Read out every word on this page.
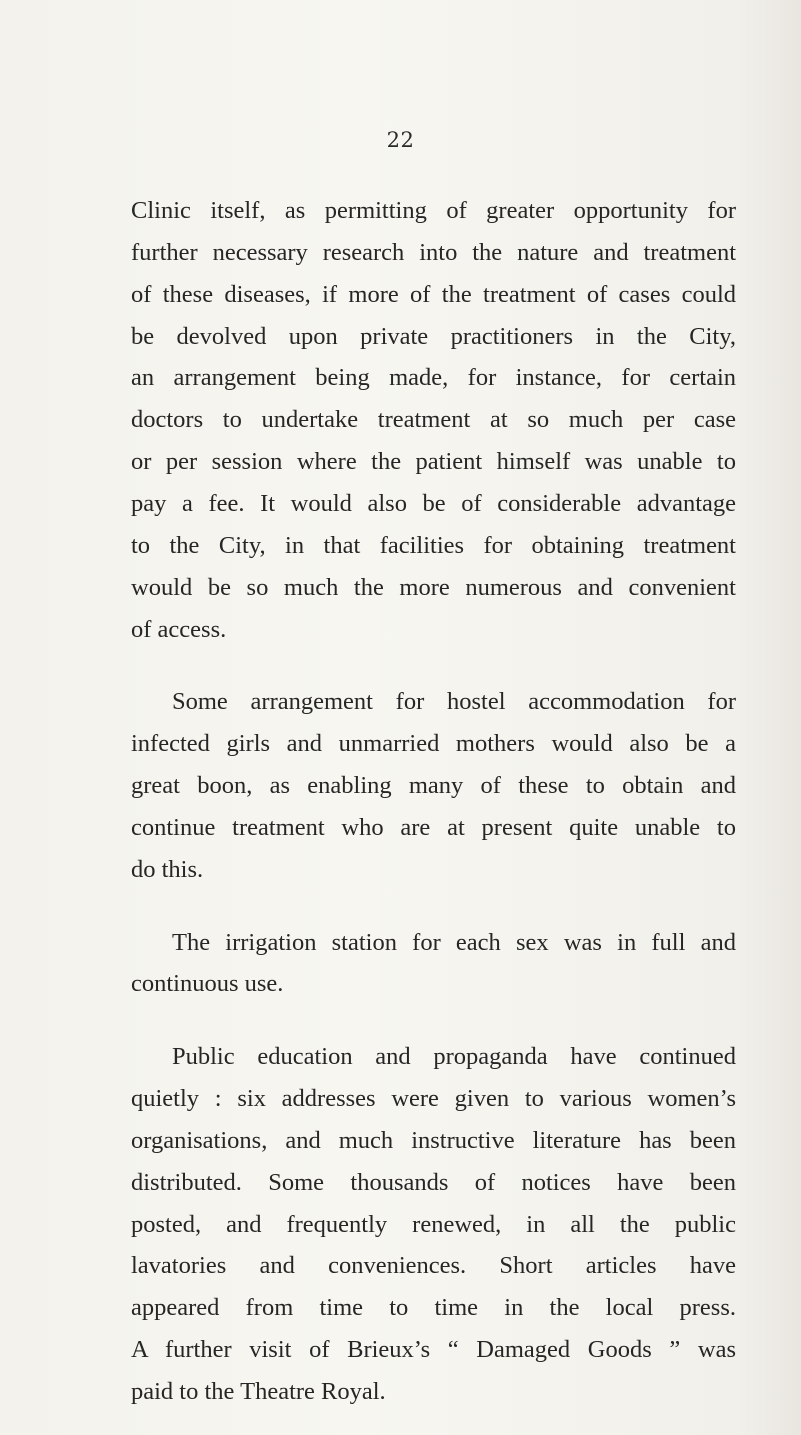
22
Clinic itself, as permitting of greater opportunity for
further necessary research into the nature and treatment
of these diseases, if more of the treatment of cases could
be devolved upon private practitioners in the City,
an arrangement being made, for instance, for certain
doctors to undertake treatment at so much per case
or per session where the patient himself was unable to
pay a fee. It would also be of considerable advantage
to the City, in that facilities for obtaining treatment
would be so much the more numerous and convenient
of access.
Some arrangement for hostel accommodation for
infected girls and unmarried mothers would also be a
great boon, as enabling many of these to obtain and
continue treatment who are at present quite unable to
do this.
The irrigation station for each sex was in full and
continuous use.
Public education and propaganda have continued
quietly : six addresses were given to various women’s
organisations, and much instructive literature has been
distributed. Some thousands of notices have been
posted, and frequently renewed, in all the public
lavatories and conveniences. Short articles have
appeared from time to time in the local press.
A further visit of Brieux’s “ Damaged Goods ” was
paid to the Theatre Royal.
